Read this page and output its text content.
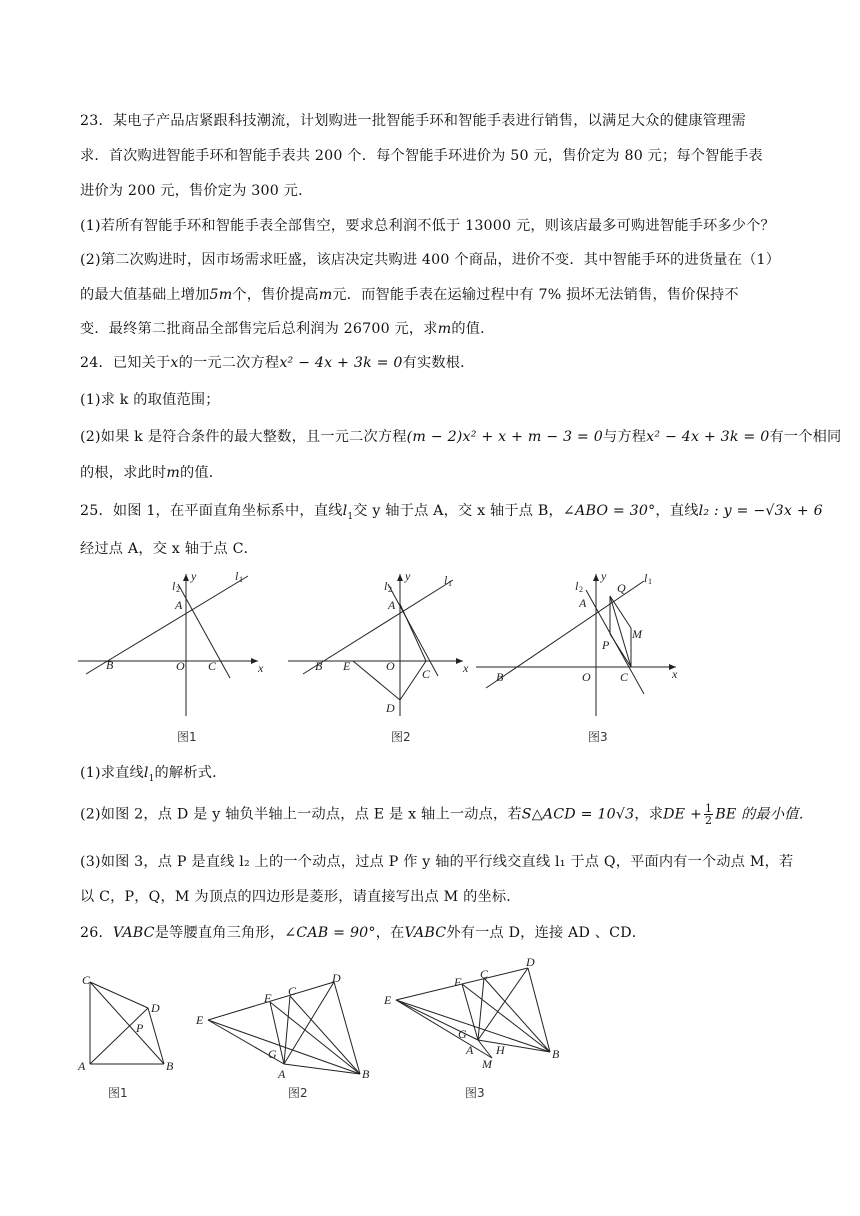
23．某电子产品店紧跟科技潮流，计划购进一批智能手环和智能手表进行销售，以满足大众的健康管理需
求．首次购进智能手环和智能手表共 200 个．每个智能手环进价为 50 元，售价定为 80 元；每个智能手表
进价为 200 元，售价定为 300 元．
(1)若所有智能手环和智能手表全部售空，要求总利润不低于 13000 元，则该店最多可购进智能手环多少个？
(2)第二次购进时，因市场需求旺盛，该店决定共购进 400 个商品，进价不变．其中智能手环的进货量在（1）
的最大值基础上增加5m个，售价提高m元．而智能手表在运输过程中有 7% 损坏无法销售，售价保持不
变．最终第二批商品全部售完后总利润为 26700 元，求m的值．
24．已知关于x的一元二次方程x² − 4x + 3k = 0有实数根．
(1)求 k 的取值范围；
(2)如果 k 是符合条件的最大整数，且一元二次方程(m − 2)x² + x + m − 3 = 0与方程x² − 4x + 3k = 0有一个相同
的根，求此时m的值．
25．如图 1，在平面直角坐标系中，直线$l_1$交 y 轴于点 A，交 x 轴于点 B，∠ABO = 30°，直线l₂ : y = −√3x + 6
经过点 A，交 x 轴于点 C．
x
y	l 1
l 2
A
B	O C
图1
x
y	l 1
l 2
A
B E	O
C
D
图2
x
y	l 1
l 2	Q
A
M
P
B	O C
图3
(1)求直线$l_1$的解析式．
(2)如图 2，点 D 是 y 轴负半轴上一动点，点 E 是 x 轴上一动点，若S△ACD = 10√3，求DE + $\frac{1}{2}$ BE 的最小值．
(3)如图 3，点 P 是直线 l₂ 上的一个动点，过点 P 作 y 轴的平行线交直线 l₁ 于点 Q，平面内有一个动点 M，若
以 C，P，Q，M 为顶点的四边形是菱形，请直接写出点 M 的坐标．
26．VABC是等腰直角三角形，∠CAB = 90°，在VABC外有一点 D，连接 AD 、CD．
C
D
P
A	B
图1
E
F C
D
G
A	B
图2
E
F
C
D
G
A H
M
B
图3
